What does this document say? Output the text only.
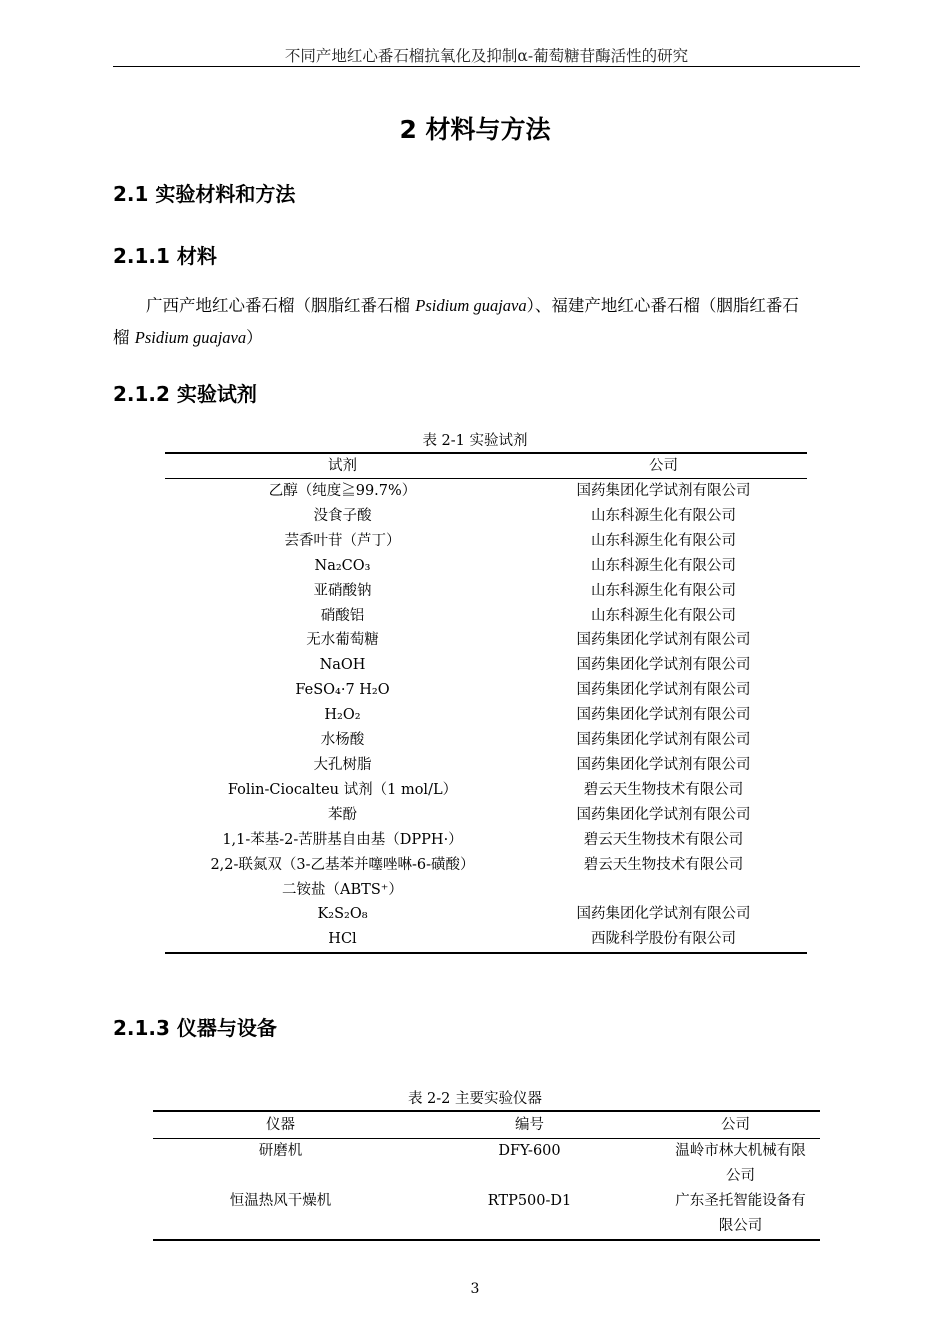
不同产地红心番石榴抗氧化及抑制α-葡萄糖苷酶活性的研究
2 材料与方法
2.1 实验材料和方法
2.1.1 材料
广西产地红心番石榴（胭脂红番石榴 Psidium guajava）、福建产地红心番石榴（胭脂红番石榴 Psidium guajava）
2.1.2 实验试剂
表 2-1 实验试剂
试剂	公司
乙醇（纯度≧99.7%）	国药集团化学试剂有限公司
没食子酸	山东科源生化有限公司
芸香叶苷（芦丁）	山东科源生化有限公司
Na₂CO₃	山东科源生化有限公司
亚硝酸钠	山东科源生化有限公司
硝酸铝	山东科源生化有限公司
无水葡萄糖	国药集团化学试剂有限公司
NaOH	国药集团化学试剂有限公司
FeSO₄·7 H₂O	国药集团化学试剂有限公司
H₂O₂	国药集团化学试剂有限公司
水杨酸	国药集团化学试剂有限公司
大孔树脂	国药集团化学试剂有限公司
Folin-Ciocalteu 试剂（1 mol/L）	碧云天生物技术有限公司
苯酚	国药集团化学试剂有限公司
1,1-苯基-2-苦肼基自由基（DPPH·）	碧云天生物技术有限公司
2,2-联氮双（3-乙基苯并噻唑啉-6-磺酸）二铵盐（ABTS⁺）	碧云天生物技术有限公司
K₂S₂O₈	国药集团化学试剂有限公司
HCl	西陇科学股份有限公司
2.1.3 仪器与设备
表 2-2 主要实验仪器
仪器	编号	公司
研磨机	DFY-600	温岭市林大机械有限公司
恒温热风干燥机	RTP500-D1	广东圣托智能设备有限公司
3
